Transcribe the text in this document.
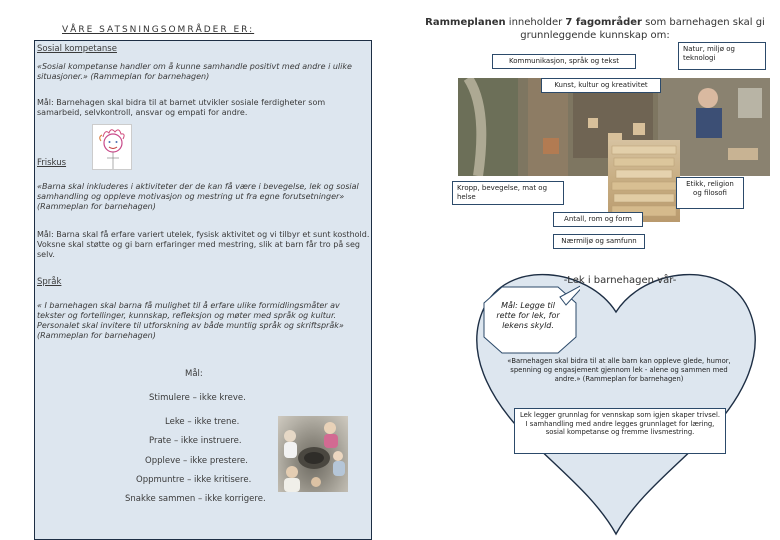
VÅRE SATSNINGSOMRÅDER ER:
Sosial kompetanse
«Sosial kompetanse handler om å kunne samhandle positivt med andre i ulike situasjoner.» (Rammeplan for barnehagen)
Mål: Barnehagen skal bidra til at barnet utvikler sosiale ferdigheter som samarbeid, selvkontroll, ansvar og empati for andre.
Friskus
«Barna skal inkluderes i aktiviteter der de kan få være i bevegelse, lek og sosial samhandling og oppleve motivasjon og mestring ut fra egne forutsetninger» (Rammeplan for barnehagen)
Mål: Barna skal få erfare variert utelek, fysisk aktivitet og vi tilbyr et sunt kosthold. Voksne skal støtte og gi barn erfaringer med mestring, slik at barn får tro på seg selv.
Språk
« I barnehagen skal barna få mulighet til å erfare ulike formidlingsmåter av tekster og fortellinger, kunnskap, refleksjon og møter med språk og kultur. Personalet skal invitere til utforskning av både muntlig språk og skriftspråk» (Rammeplan for barnehagen)
Mål:
Stimulere – ikke kreve.
Leke – ikke trene.
Prate – ikke instruere.
Oppleve – ikke prestere.
Oppmuntre – ikke kritisere.
Snakke sammen – ikke korrigere.
Rammeplanen inneholder 7 fagområder som barnehagen skal gi grunnleggende kunnskap om:
Kommunikasjon, språk og tekst
Natur, miljø og teknologi
Kunst, kultur og kreativitet
Kropp, bevegelse, mat og helse
Etikk, religion og filosofi
Antall, rom og form
Nærmiljø og samfunn
-Lek i barnehagen vår-
Mål: Legge til rette for lek, for lekens skyld.
«Barnehagen skal bidra til at alle barn kan oppleve glede, humor, spenning og engasjement gjennom lek - alene og sammen med andre.» (Rammeplan for barnehagen)
Lek legger grunnlag for vennskap som igjen skaper trivsel. I samhandling med andre legges grunnlaget for læring, sosial kompetanse og fremme livsmestring.
